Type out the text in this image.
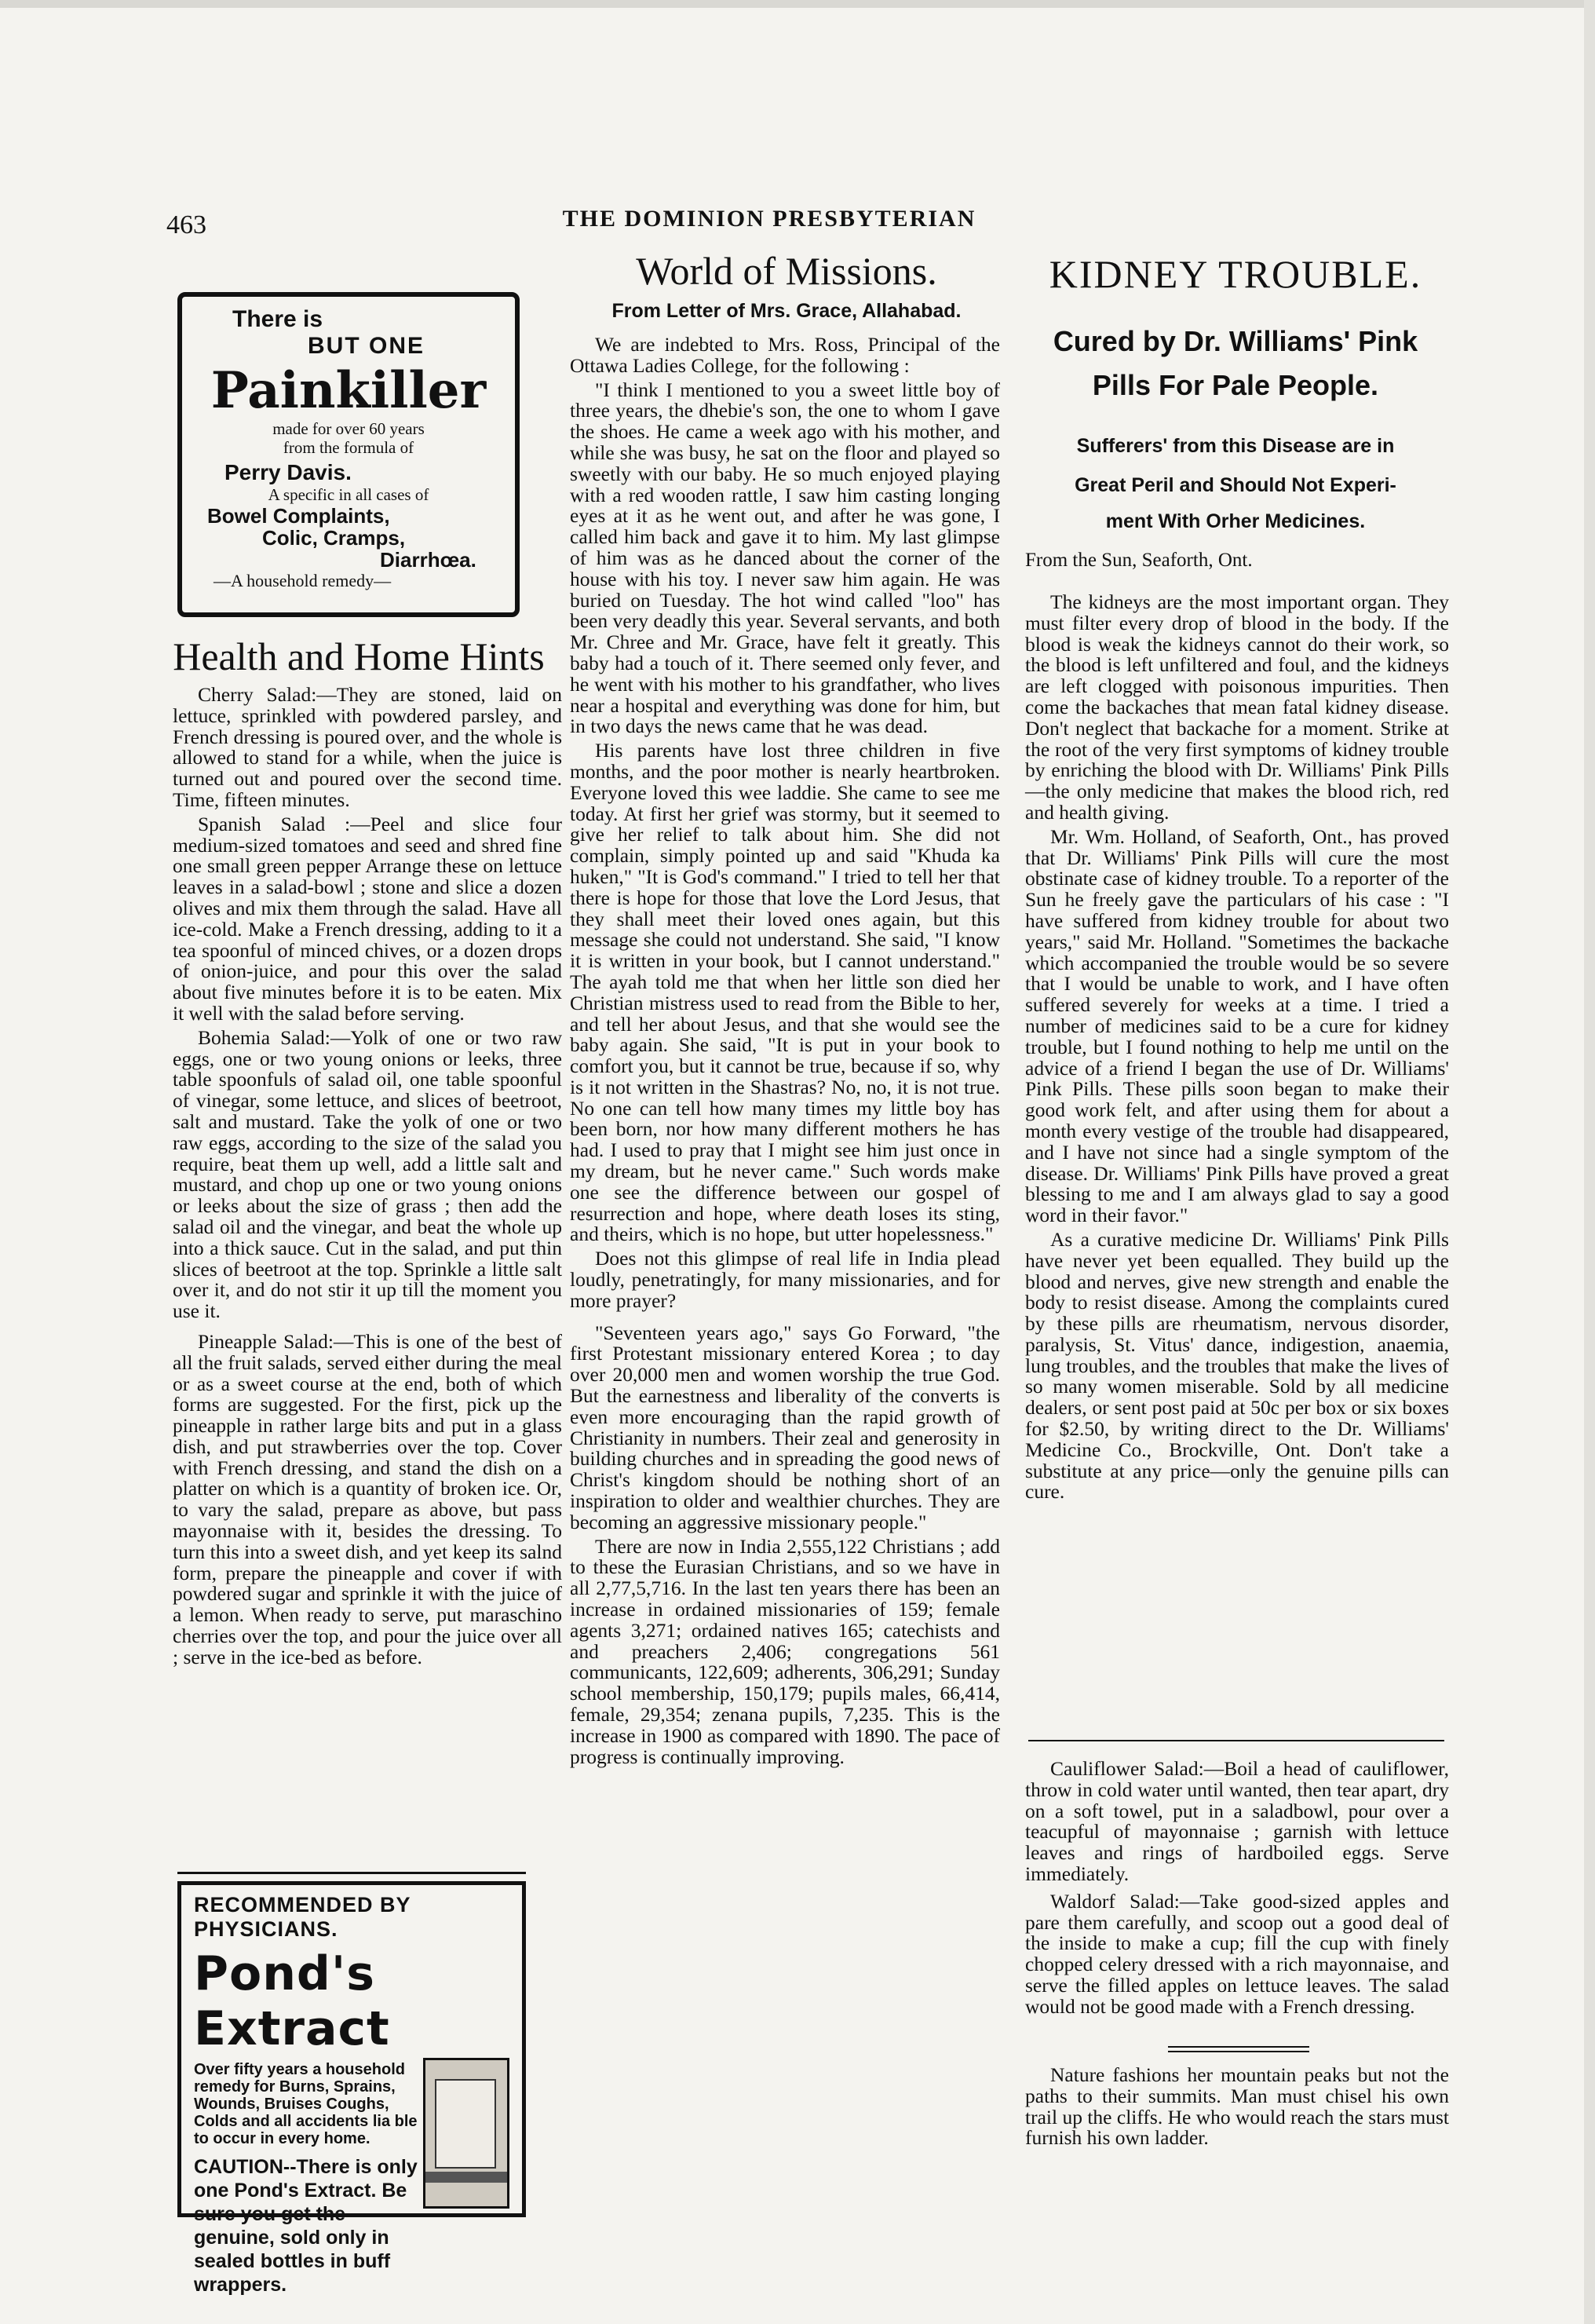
463	THE DOMINION PRESBYTERIAN
There is
BUT ONE
Painkiller
made for over 60 years
from the formula of
Perry Davis.
A specific in all cases of
Bowel Complaints,
Colic, Cramps,
Diarrhœa.
—A household remedy—
Health and Home Hints

Cherry Salad:—They are stoned, laid on lettuce, sprinkled with powdered parsley, and French dressing is poured over, and the whole is allowed to stand for a while, when the juice is turned out and poured over the second time. Time, fifteen minutes.

Spanish Salad :—Peel and slice four medium-sized tomatoes and seed and shred fine one small green pepper Arrange these on lettuce leaves in a salad-bowl ; stone and slice a dozen olives and mix them through the salad. Have all ice-cold. Make a French dressing, adding to it a tea spoonful of minced chives, or a dozen drops of onion-juice, and pour this over the salad about five minutes before it is to be eaten. Mix it well with the salad before serving.

Bohemia Salad:—Yolk of one or two raw eggs, one or two young onions or leeks, three table spoonfuls of salad oil, one table spoonful of vinegar, some lettuce, and slices of beetroot, salt and mustard. Take the yolk of one or two raw eggs, according to the size of the salad you require, beat them up well, add a little salt and mustard, and chop up one or two young onions or leeks about the size of grass ; then add the salad oil and the vinegar, and beat the whole up into a thick sauce. Cut in the salad, and put thin slices of beetroot at the top. Sprinkle a little salt over it, and do not stir it up till the moment you use it.

Pineapple Salad:—This is one of the best of all the fruit salads, served either during the meal or as a sweet course at the end, both of which forms are suggested. For the first, pick up the pineapple in rather large bits and put in a glass dish, and put strawberries over the top. Cover with French dressing, and stand the dish on a platter on which is a quantity of broken ice. Or, to vary the salad, prepare as above, but pass mayonnaise with it, besides the dressing. To turn this into a sweet dish, and yet keep its salnd form, prepare the pineapple and cover if with powdered sugar and sprinkle it with the juice of a lemon. When ready to serve, put maraschino cherries over the top, and pour the juice over all ; serve in the ice-bed as before.

RECOMMENDED BY PHYSICIANS.
Pond's Extract
Over fifty years a household remedy for Burns, Sprains, Wounds, Bruises Coughs, Colds and all accidents lia ble to occur in every home.
CAUTION--There is only one Pond's Extract. Be sure you get the genuine, sold only in sealed bottles in buff wrappers.
World of Missions.
From Letter of Mrs. Grace, Allahabad.

We are indebted to Mrs. Ross, Principal of the Ottawa Ladies College, for the following :

"I think I mentioned to you a sweet little boy of three years, the dhebie's son, the one to whom I gave the shoes. He came a week ago with his mother, and while she was busy, he sat on the floor and played so sweetly with our baby. He so much enjoyed playing with a red wooden rattle, I saw him casting longing eyes at it as he went out, and after he was gone, I called him back and gave it to him. My last glimpse of him was as he danced about the corner of the house with his toy. I never saw him again. He was buried on Tuesday. The hot wind called "loo" has been very deadly this year. Several servants, and both Mr. Chree and Mr. Grace, have felt it greatly. This baby had a touch of it. There seemed only fever, and he went with his mother to his grandfather, who lives near a hospital and everything was done for him, but in two days the news came that he was dead.

His parents have lost three children in five months, and the poor mother is nearly heartbroken. Everyone loved this wee laddie. She came to see me today. At first her grief was stormy, but it seemed to give her relief to talk about him. She did not complain, simply pointed up and said "Khuda ka huken," "It is God's command." I tried to tell her that there is hope for those that love the Lord Jesus, that they shall meet their loved ones again, but this message she could not understand. She said, "I know it is written in your book, but I cannot understand." The ayah told me that when her little son died her Christian mistress used to read from the Bible to her, and tell her about Jesus, and that she would see the baby again. She said, "It is put in your book to comfort you, but it cannot be true, because if so, why is it not written in the Shastras? No, no, it is not true. No one can tell how many times my little boy has been born, nor how many different mothers he has had. I used to pray that I might see him just once in my dream, but he never came." Such words make one see the difference between our gospel of resurrection and hope, where death loses its sting, and theirs, which is no hope, but utter hopelessness."

Does not this glimpse of real life in India plead loudly, penetratingly, for many missionaries, and for more prayer?

"Seventeen years ago," says Go Forward, "the first Protestant missionary entered Korea ; to day over 20,000 men and women worship the true God. But the earnestness and liberality of the converts is even more encouraging than the rapid growth of Christianity in numbers. Their zeal and generosity in building churches and in spreading the good news of Christ's kingdom should be nothing short of an inspiration to older and wealthier churches. They are becoming an aggressive missionary people."

There are now in India 2,555,122 Christians ; add to these the Eurasian Christians, and so we have in all 2,77,5,716. In the last ten years there has been an increase in ordained missionaries of 159; female agents 3,271; ordained natives 165; catechists and and preachers 2,406; congregations 561 communicants, 122,609; adherents, 306,291; Sunday school membership, 150,179; pupils males, 66,414, female, 29,354; zenana pupils, 7,235. This is the increase in 1900 as compared with 1890. The pace of progress is continually improving.

KIDNEY TROUBLE.
Cured by Dr. Williams' Pink
Pills For Pale People.
Sufferers' from this Disease are in
Great Peril and Should Not Experi-
ment With Orher Medicines.
From the Sun, Seaforth, Ont.

The kidneys are the most important organ. They must filter every drop of blood in the body. If the blood is weak the kidneys cannot do their work, so the blood is left unfiltered and foul, and the kidneys are left clogged with poisonous impurities. Then come the backaches that mean fatal kidney disease. Don't neglect that backache for a moment. Strike at the root of the very first symptoms of kidney trouble by enriching the blood with Dr. Williams' Pink Pills—the only medicine that makes the blood rich, red and health giving.

Mr. Wm. Holland, of Seaforth, Ont., has proved that Dr. Williams' Pink Pills will cure the most obstinate case of kidney trouble. To a reporter of the Sun he freely gave the particulars of his case : "I have suffered from kidney trouble for about two years," said Mr. Holland. "Sometimes the backache which accompanied the trouble would be so severe that I would be unable to work, and I have often suffered severely for weeks at a time. I tried a number of medicines said to be a cure for kidney trouble, but I found nothing to help me until on the advice of a friend I began the use of Dr. Williams' Pink Pills. These pills soon began to make their good work felt, and after using them for about a month every vestige of the trouble had disappeared, and I have not since had a single symptom of the disease. Dr. Williams' Pink Pills have proved a great blessing to me and I am always glad to say a good word in their favor."

As a curative medicine Dr. Williams' Pink Pills have never yet been equalled. They build up the blood and nerves, give new strength and enable the body to resist disease. Among the complaints cured by these pills are rheumatism, nervous disorder, paralysis, St. Vitus' dance, indigestion, anaemia, lung troubles, and the troubles that make the lives of so many women miserable. Sold by all medicine dealers, or sent post paid at 50c per box or six boxes for $2.50, by writing direct to the Dr. Williams' Medicine Co., Brockville, Ont. Don't take a substitute at any price—only the genuine pills can cure.

Cauliflower Salad:—Boil a head of cauliflower, throw in cold water until wanted, then tear apart, dry on a soft towel, put in a saladbowl, pour over a teacupful of mayonnaise ; garnish with lettuce leaves and rings of hardboiled eggs. Serve immediately.

Waldorf Salad:—Take good-sized apples and pare them carefully, and scoop out a good deal of the inside to make a cup; fill the cup with finely chopped celery dressed with a rich mayonnaise, and serve the filled apples on lettuce leaves. The salad would not be good made with a French dressing.

Nature fashions her mountain peaks but not the paths to their summits. Man must chisel his own trail up the cliffs. He who would reach the stars must furnish his own ladder.
